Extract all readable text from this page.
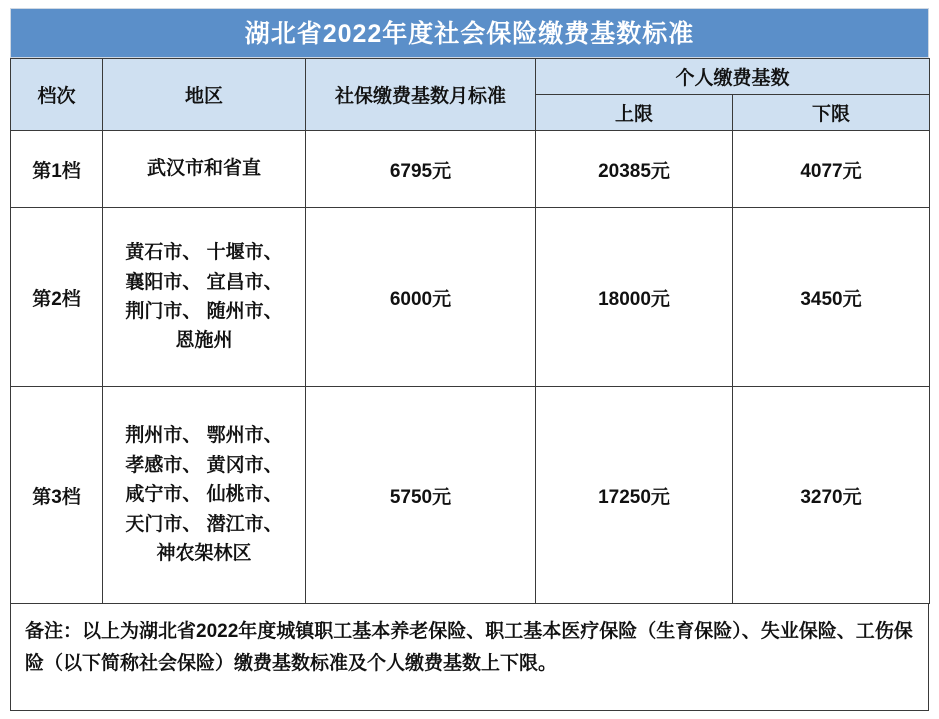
湖北省2022年度社会保险缴费基数标准
档次	地区	社保缴费基数月标准	个人缴费基数	
			上限	下限
第1档	武汉市和省直	6795元	20385元	4077元
第2档	黄石市、 十堰市、
襄阳市、 宜昌市、
荆门市、 随州市、
恩施州	6000元	18000元	3450元
第3档	荆州市、 鄂州市、
孝感市、 黄冈市、
咸宁市、 仙桃市、
天门市、 潜江市、
神农架林区	5750元	17250元	3270元
备注：以上为湖北省2022年度城镇职工基本养老保险、职工基本医疗保险（生育保险）、失业保险、工伤保险（以下简称社会保险）缴费基数标准及个人缴费基数上下限。
